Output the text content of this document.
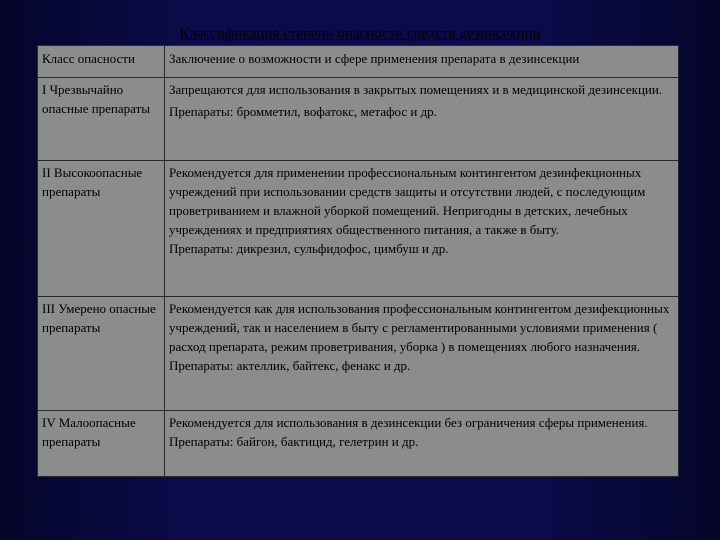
Классификация степени опасности средств дезинсекции
Класс опасности	Заключение о возможности и сфере применения препарата в дезинсекции
I Чрезвычайно опасные препараты	Запрещаются для использования в закрытых помещениях и в медицинской дезинсекции.
Препараты: бромметил, вофатокс, метафос и др.

II Высокоопасные препараты	Рекомендуется для применении профессиональным контингентом дезинфекционных учреждений при использовании средств защиты и отсутствии людей, с последующим проветриванием и влажной уборкой помещений. Непригодны в детских, лечебных учреждениях и предприятиях общественного питания, а также в быту.
Препараты: дикрезил, сульфидофос, цимбуш и др.

III Умерено опасные препараты	Рекомендуется как для использования профессиональным контингентом дезифекционных учреждений, так и населением в быту с регламентированными условиями применения ( расход препарата, режим проветривания, уборка ) в помещениях любого назначения.
Препараты: актеллик, байтекс, фенакс и др.

IV Малоопасные препараты	Рекомендуется для использования в дезинсекции без ограничения сферы применения.
Препараты: байгон, бактицид, гелетрин и др.
